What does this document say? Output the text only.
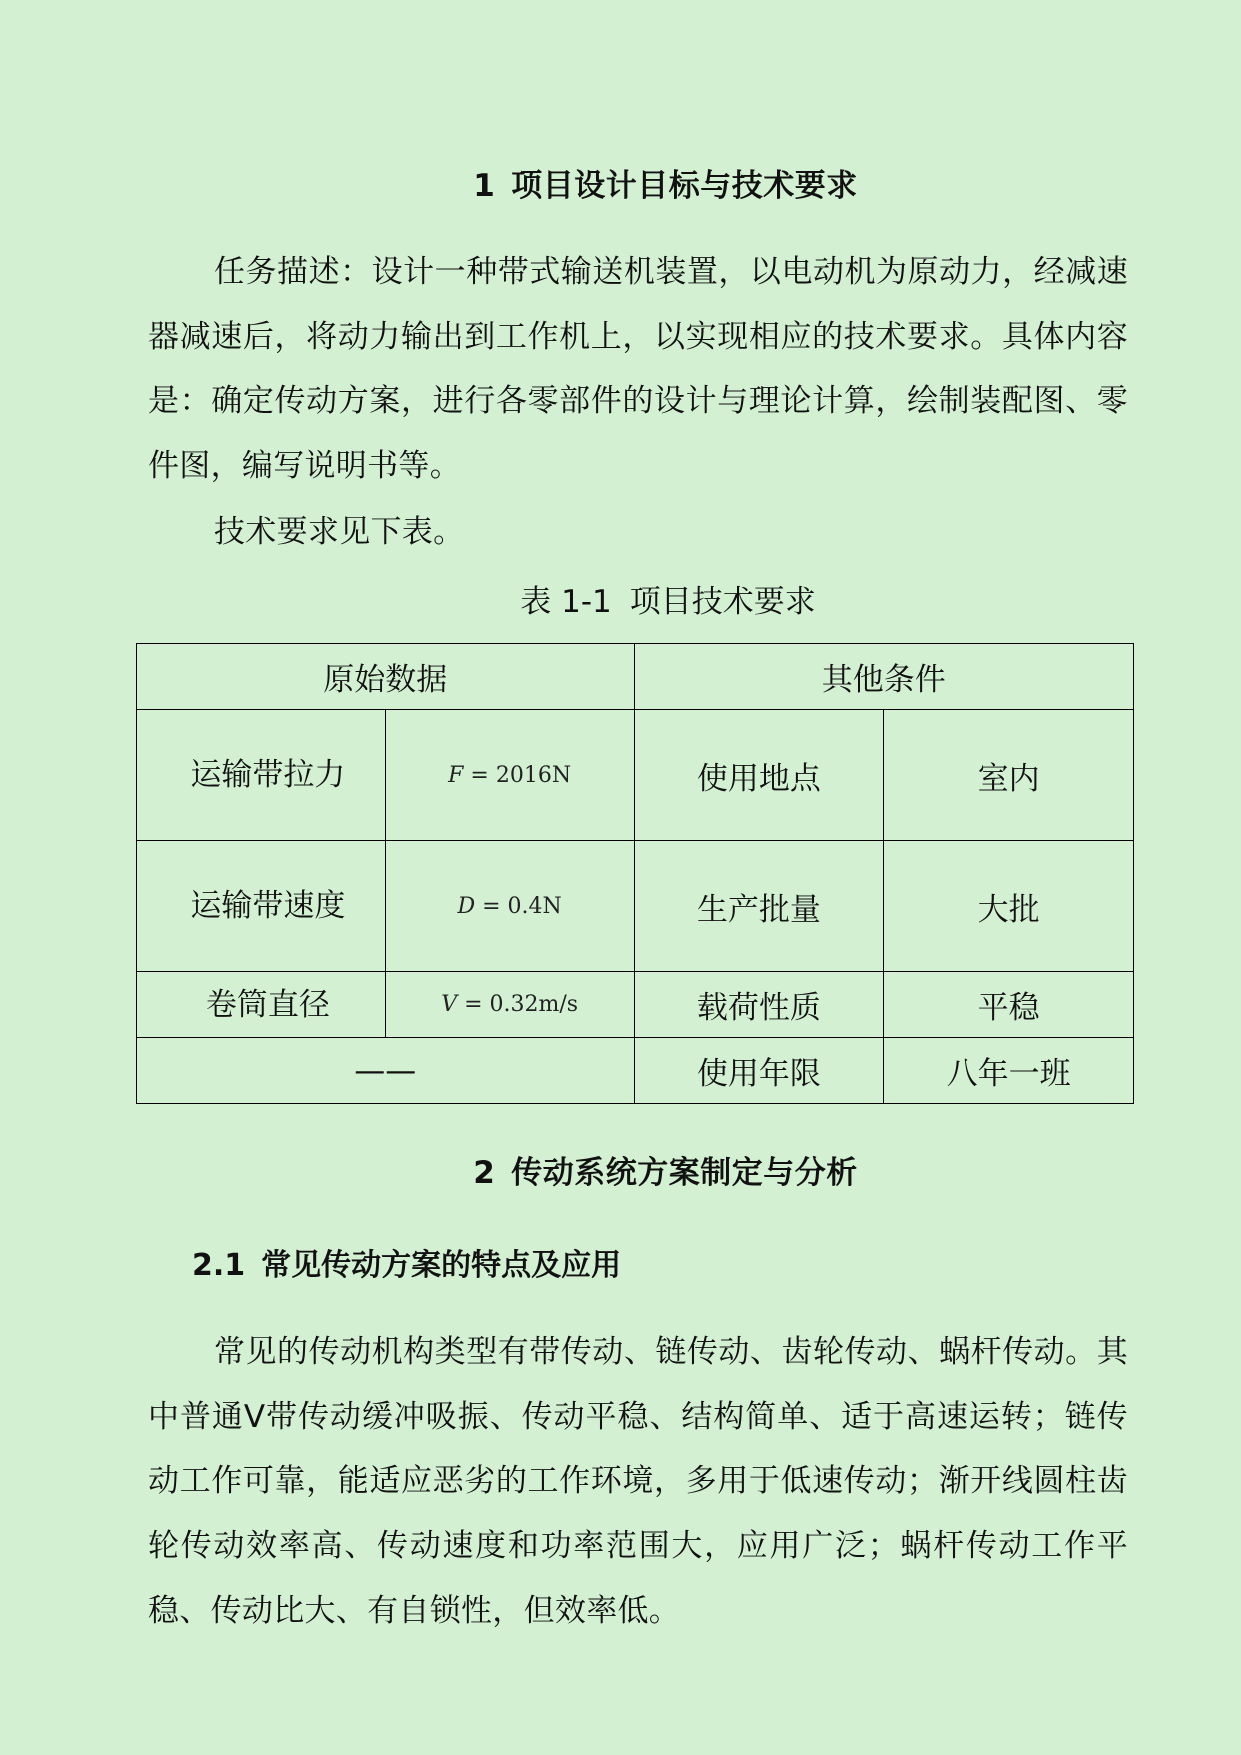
1 项目设计目标与技术要求

任务描述：设计一种带式输送机装置，以电动机为原动力，经减速器减速后，将动力输出到工作机上，以实现相应的技术要求。具体内容是：确定传动方案，进行各零部件的设计与理论计算，绘制装配图、零件图，编写说明书等。

技术要求见下表。

表 1-1 项目技术要求
原始数据		其他条件	
运输带拉力	F = 2016N	使用地点	室内
运输带速度	D = 0.4N	生产批量	大批
卷筒直径	V = 0.32m/s	载荷性质	平稳
——		使用年限	八年一班
2 传动系统方案制定与分析
2.1 常见传动方案的特点及应用

常见的传动机构类型有带传动、链传动、齿轮传动、蜗杆传动。其中普通V带传动缓冲吸振、传动平稳、结构简单、适于高速运转；链传动工作可靠，能适应恶劣的工作环境，多用于低速传动；渐开线圆柱齿轮传动效率高、传动速度和功率范围大，应用广泛；蜗杆传动工作平稳、传动比大、有自锁性，但效率低。
